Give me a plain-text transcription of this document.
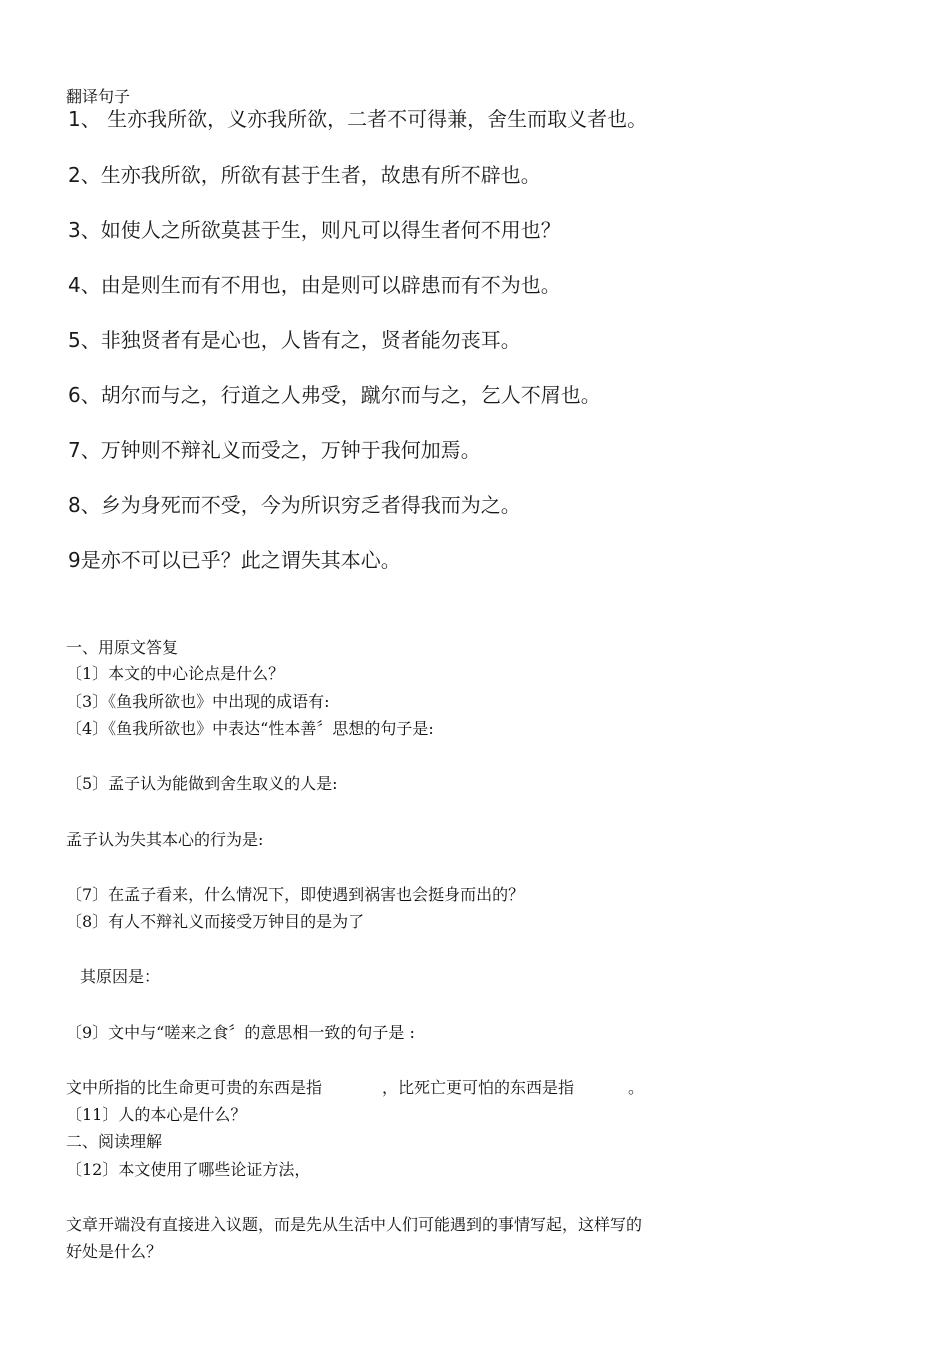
翻译句子
1、 生亦我所欲，义亦我所欲，二者不可得兼，舍生而取义者也。
2、生亦我所欲，所欲有甚于生者，故患有所不辟也。
3、如使人之所欲莫甚于生，则凡可以得生者何不用也？
4、由是则生而有不用也，由是则可以辟患而有不为也。
5、非独贤者有是心也，人皆有之，贤者能勿丧耳。
6、胡尔而与之，行道之人弗受，蹴尔而与之，乞人不屑也。
7、万钟则不辩礼义而受之，万钟于我何加焉。
8、乡为身死而不受，今为所识穷乏者得我而为之。
9是亦不可以已乎？此之谓失其本心。
一、用原文答复
〔1〕本文的中心论点是什么？
〔3〕《鱼我所欲也》中出现的成语有:
〔4〕《鱼我所欲也》中表达“性本善〞思想的句子是:
〔5〕孟子认为能做到舍生取义的人是:
孟子认为失其本心的行为是:
〔7〕在孟子看来，什么情况下，即使遇到祸害也会挺身而出的？
〔8〕有人不辩礼义而接受万钟目的是为了
其原因是：
〔9〕文中与“嗟来之食〞的意思相一致的句子是 :
文中所指的比生命更可贵的东西是指	，比死亡更可怕的东西是指	。
〔11〕人的本心是什么？
二、阅读理解
〔12〕本文使用了哪些论证方法，
文章开端没有直接进入议题，而是先从生活中人们可能遇到的事情写起，这样写的
好处是什么？
